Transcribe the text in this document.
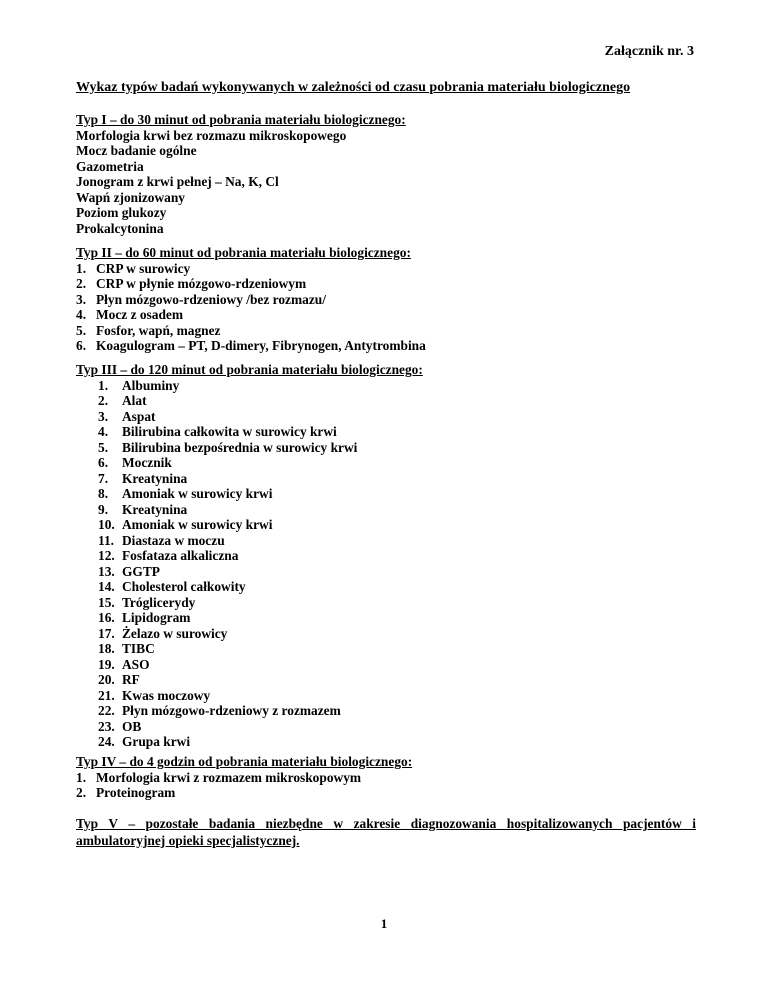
Załącznik nr. 3

Wykaz typów badań wykonywanych w zależności od czasu pobrania materiału biologicznego

Typ I – do 30 minut od pobrania materiału biologicznego:

Morfologia krwi bez rozmazu mikroskopowego
Mocz badanie ogólne
Gazometria
Jonogram z krwi pełnej – Na, K, Cl
Wapń zjonizowany
Poziom glukozy
Prokalcytonina

Typ II – do 60 minut od pobrania materiału biologicznego:

1. CRP w surowicy
2. CRP w płynie mózgowo-rdzeniowym
3. Płyn mózgowo-rdzeniowy /bez rozmazu/
4. Mocz z osadem
5. Fosfor, wapń, magnez
6. Koagulogram – PT, D-dimery, Fibrynogen, Antytrombina

Typ III – do 120 minut od pobrania materiału biologicznego:

1. Albuminy
2. Alat
3. Aspat
4. Bilirubina całkowita w surowicy krwi
5. Bilirubina bezpośrednia w surowicy krwi
6. Mocznik
7. Kreatynina
8. Amoniak w surowicy krwi
9. Kreatynina
10. Amoniak w surowicy krwi
11. Diastaza w moczu
12. Fosfataza alkaliczna
13. GGTP
14. Cholesterol całkowity
15. Tróglicerydy
16. Lipidogram
17. Żelazo w surowicy
18. TIBC
19. ASO
20. RF
21. Kwas moczowy
22. Płyn mózgowo-rdzeniowy z rozmazem
23. OB
24. Grupa krwi

Typ IV – do 4 godzin od pobrania materiału biologicznego:

1. Morfologia krwi z rozmazem mikroskopowym
2. Proteinogram

Typ V – pozostałe badania niezbędne w zakresie diagnozowania hospitalizowanych pacjentów i ambulatoryjnej opieki specjalistycznej.

1
